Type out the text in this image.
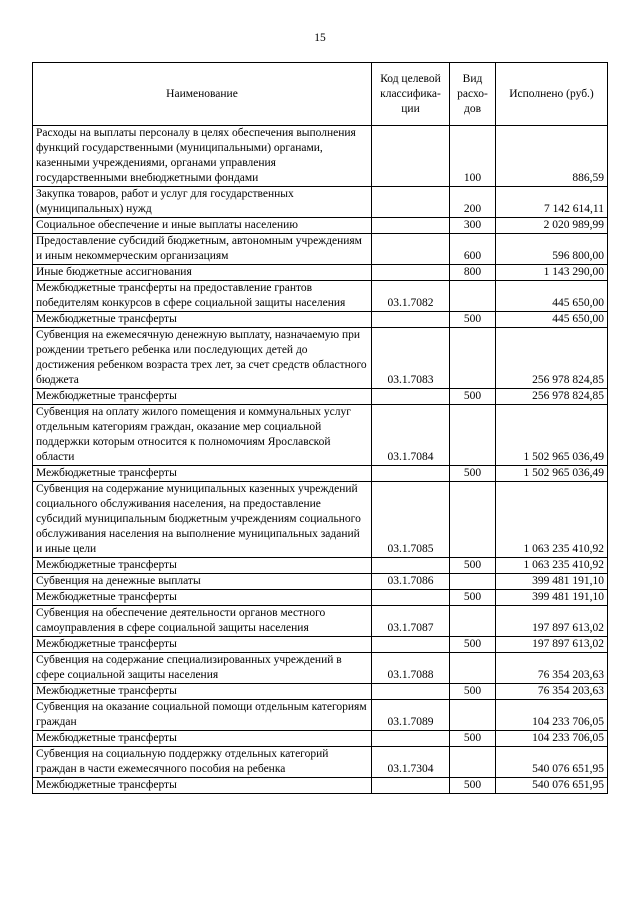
15
Наименование	Код целевой классифика-ции	Вид расхо-дов	Исполнено (руб.)
Расходы на выплаты персоналу в целях обеспечения выполнения функций государственными (муниципальными) органами, казенными учреждениями, органами управления государственными внебюджетными фондами		100	886,59
Закупка товаров, работ и услуг для государственных (муниципальных) нужд		200	7 142 614,11
Социальное обеспечение и иные выплаты населению		300	2 020 989,99
Предоставление субсидий бюджетным, автономным учреждениям и иным некоммерческим организациям		600	596 800,00
Иные бюджетные ассигнования		800	1 143 290,00
Межбюджетные трансферты на предоставление грантов победителям конкурсов в сфере социальной защиты населения	03.1.7082		445 650,00
Межбюджетные трансферты		500	445 650,00
Субвенция на ежемесячную денежную выплату, назначаемую при рождении третьего ребенка или последующих детей до достижения ребенком возраста трех лет, за счет средств областного бюджета	03.1.7083		256 978 824,85
Межбюджетные трансферты		500	256 978 824,85
Субвенция на оплату жилого помещения и коммунальных услуг отдельным категориям граждан, оказание мер социальной поддержки которым относится к полномочиям Ярославской области	03.1.7084		1 502 965 036,49
Межбюджетные трансферты		500	1 502 965 036,49
Субвенция на содержание муниципальных казенных учреждений социального обслуживания населения, на предоставление субсидий муниципальным бюджетным учреждениям социального обслуживания населения на выполнение муниципальных заданий и иные цели	03.1.7085		1 063 235 410,92
Межбюджетные трансферты		500	1 063 235 410,92
Субвенция на денежные выплаты	03.1.7086		399 481 191,10
Межбюджетные трансферты		500	399 481 191,10
Субвенция на обеспечение деятельности органов местного самоуправления в сфере социальной защиты населения	03.1.7087		197 897 613,02
Межбюджетные трансферты		500	197 897 613,02
Субвенция на содержание специализированных учреждений в сфере социальной защиты населения	03.1.7088		76 354 203,63
Межбюджетные трансферты		500	76 354 203,63
Субвенция на оказание социальной помощи отдельным категориям граждан	03.1.7089		104 233 706,05
Межбюджетные трансферты		500	104 233 706,05
Субвенция на социальную поддержку отдельных категорий граждан в части ежемесячного пособия на ребенка	03.1.7304		540 076 651,95
Межбюджетные трансферты		500	540 076 651,95
